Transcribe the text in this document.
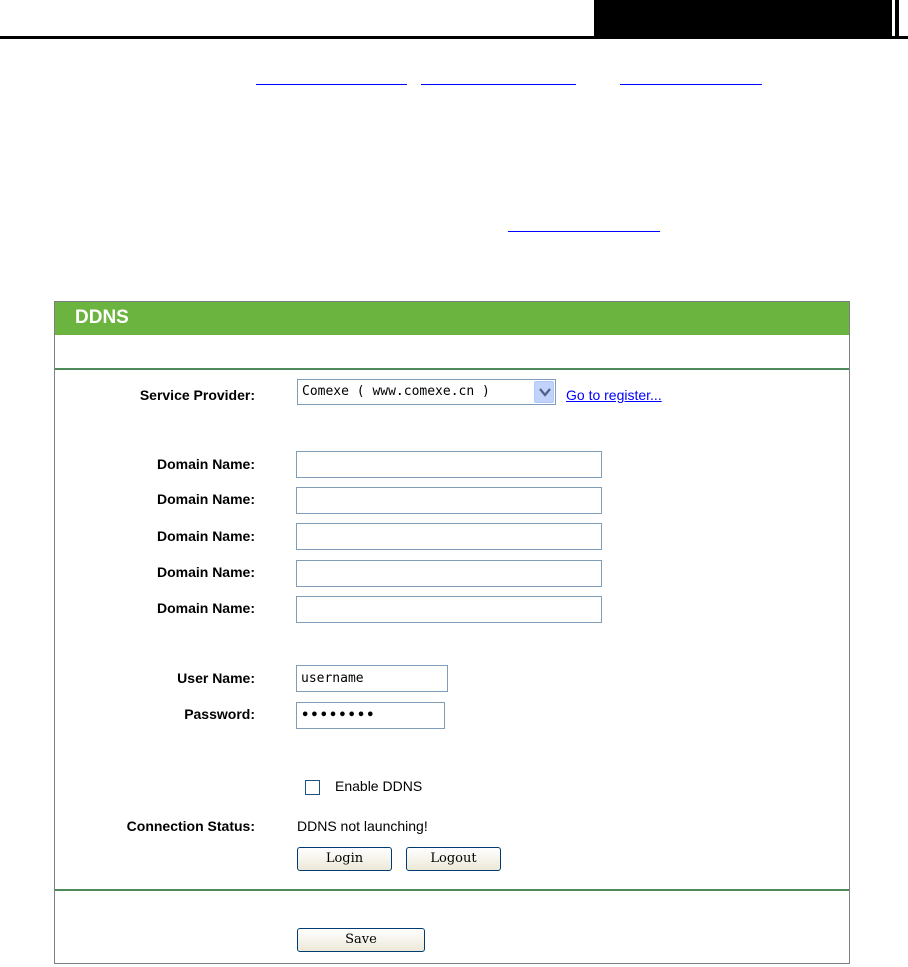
DDNS
Service Provider:	Comexe ( www.comexe.cn )	Go to register...
Domain Name:
Domain Name:
Domain Name:
Domain Name:
Domain Name:
User Name:
username
Password:
••••••••
Enable DDNS
Connection Status:	DDNS not launching!
Login	Logout
Save
